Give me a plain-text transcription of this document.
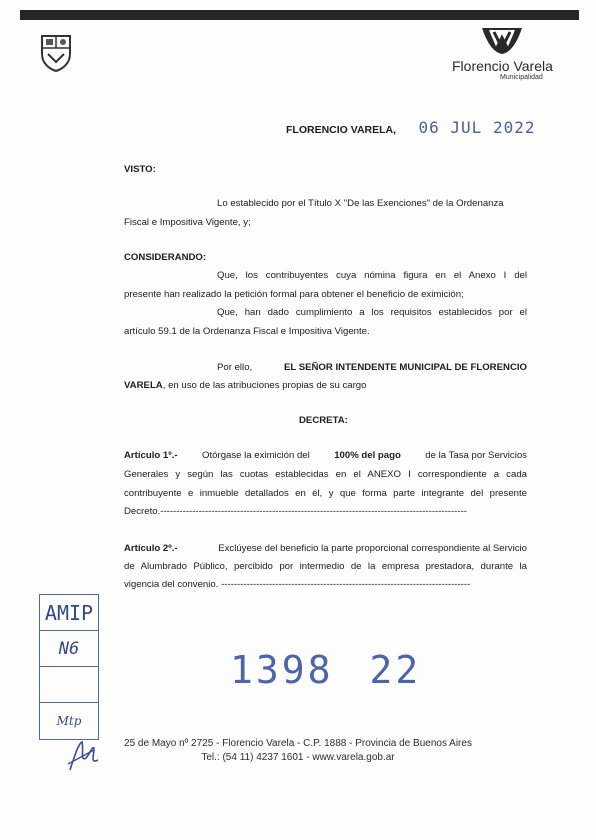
Florencio Varela
Municipalidad
FLORENCIO VARELA, 06 JUL 2022
VISTO:
Lo establecido por el Título X "De las Exenciones" de la Ordenanza
Fiscal e Impositiva Vigente, y;
CONSIDERANDO:
Que, los contribuyentes cuya nómina figura en el Anexo I del
presente han realizado la petición formal para obtener el beneficio de eximición;
Que, han dado cumplimiento a los requisitos establecidos por el
artículo 59.1 de la Ordenanza Fiscal e Impositiva Vigente.
Por ello,	EL SEÑOR INTENDENTE MUNICIPAL DE FLORENCIO
VARELA, en uso de las atribuciones propias de su cargo
DECRETA:
Artículo 1º.-	Otórgase la eximición del	100% del pago	de la Tasa por Servicios
Generales y según las cuotas establecidas en el ANEXO I correspondiente a cada
contribuyente e inmueble detallados en él, y que forma parte integrante del presente
Decreto.------------------------------------------------------------------------------------------------
Artículo 2º.-	Exclúyese del beneficio la parte proporcional correspondiente al Servicio
de Alumbrado Público, percibido por intermedio de la empresa prestadora, durante la
vigencia del convenio. ------------------------------------------------------------------------------
AMIP
N6
Mtp
1398 22
25 de Mayo nº 2725 - Florencio Varela - C.P. 1888 - Provincia de Buenos Aires
Tel.: (54 11) 4237 1601 - www.varela.gob.ar
